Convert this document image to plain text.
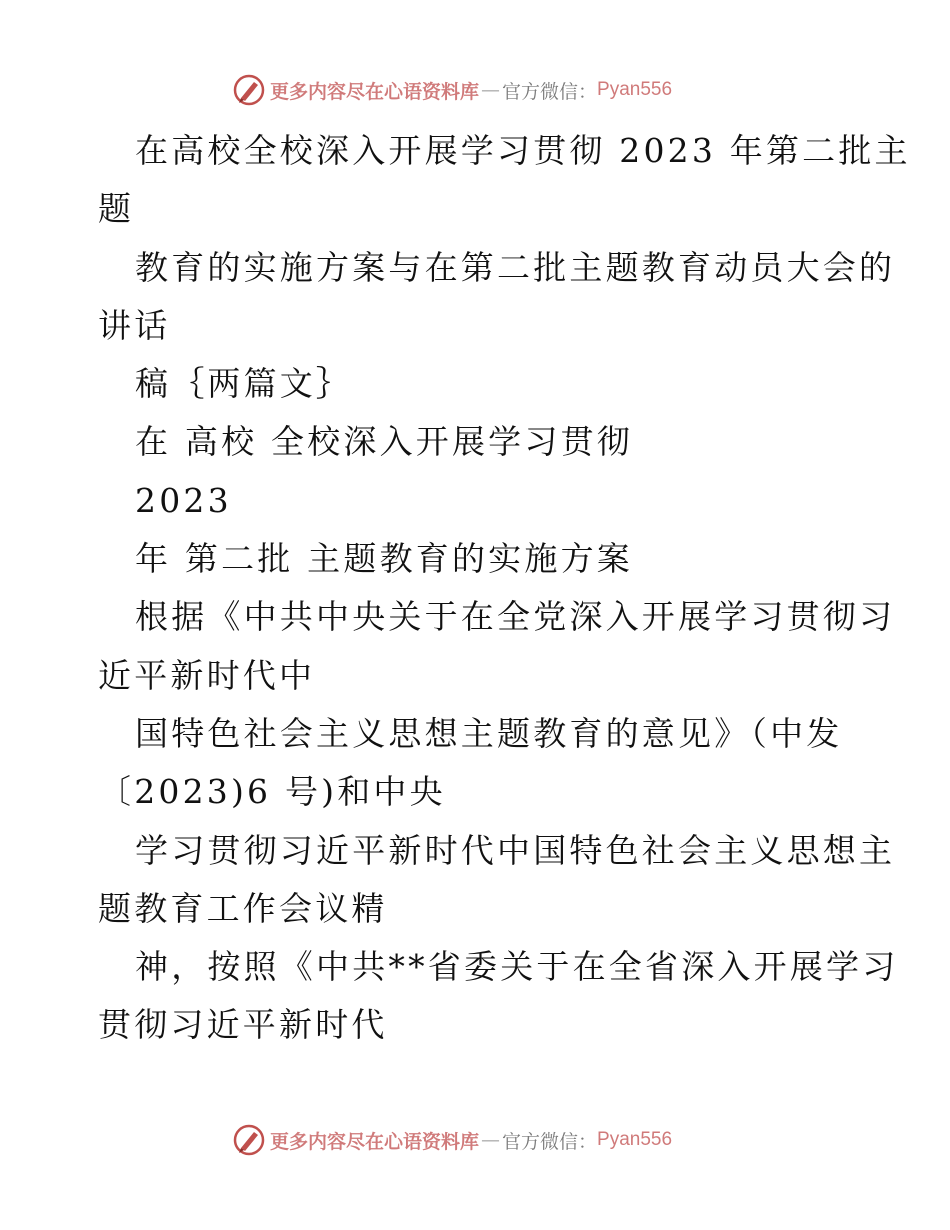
更多内容尽在心语资料库 — 官方微信： Pyan556
在高校全校深入开展学习贯彻 2023 年第二批主
题
教育的实施方案与在第二批主题教育动员大会的
讲话
稿｛两篇文｝
在 高校 全校深入开展学习贯彻
2023
年 第二批 主题教育的实施方案
根据《中共中央关于在全党深入开展学习贯彻习
近平新时代中
国特色社会主义思想主题教育的意见》（中发
〔2023)6 号)和中央
学习贯彻习近平新时代中国特色社会主义思想主
题教育工作会议精
神，按照《中共**省委关于在全省深入开展学习
贯彻习近平新时代
更多内容尽在心语资料库 — 官方微信： Pyan556
